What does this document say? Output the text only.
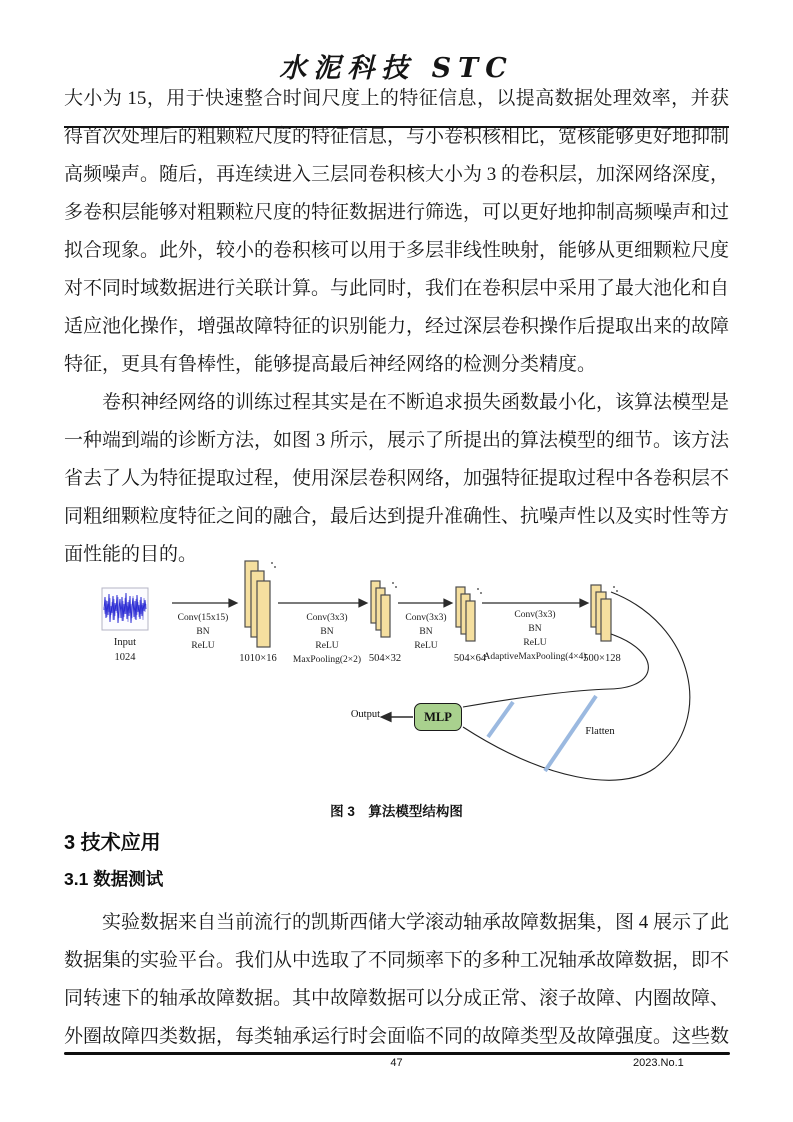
水泥科技 STC
大小为 15，用于快速整合时间尺度上的特征信息，以提高数据处理效率，并获得首次处理后的粗颗粒尺度的特征信息，与小卷积核相比，宽核能够更好地抑制高频噪声。随后，再连续进入三层同卷积核大小为 3 的卷积层，加深网络深度，多卷积层能够对粗颗粒尺度的特征数据进行筛选，可以更好地抑制高频噪声和过拟合现象。此外，较小的卷积核可以用于多层非线性映射，能够从更细颗粒尺度对不同时域数据进行关联计算。与此同时，我们在卷积层中采用了最大池化和自适应池化操作，增强故障特征的识别能力，经过深层卷积操作后提取出来的故障特征，更具有鲁棒性，能够提高最后神经网络的检测分类精度。
卷积神经网络的训练过程其实是在不断追求损失函数最小化，该算法模型是一种端到端的诊断方法，如图 3 所示，展示了所提出的算法模型的细节。该方法省去了人为特征提取过程，使用深层卷积网络，加强特征提取过程中各卷积层不同粗细颗粒度特征之间的融合，最后达到提升准确性、抗噪声性以及实时性等方面性能的目的。
Input
1024
Conv(15x15)
BN
ReLU
Conv(3x3)
BN
ReLU
MaxPooling(2×2)
Conv(3x3)
BN
ReLU
Conv(3x3)
BN
ReLU
AdaptiveMaxPooling(4×4)
1010×16	504×32	504×64	500×128
MLP
Output
Flatten
图 3　算法模型结构图
3 技术应用
3.1 数据测试
实验数据来自当前流行的凯斯西储大学滚动轴承故障数据集，图 4 展示了此数据集的实验平台。我们从中选取了不同频率下的多种工况轴承故障数据，即不同转速下的轴承故障数据。其中故障数据可以分成正常、滚子故障、内圈故障、外圈故障四类数据，每类轴承运行时会面临不同的故障类型及故障强度。这些数
47	2023.No.1
